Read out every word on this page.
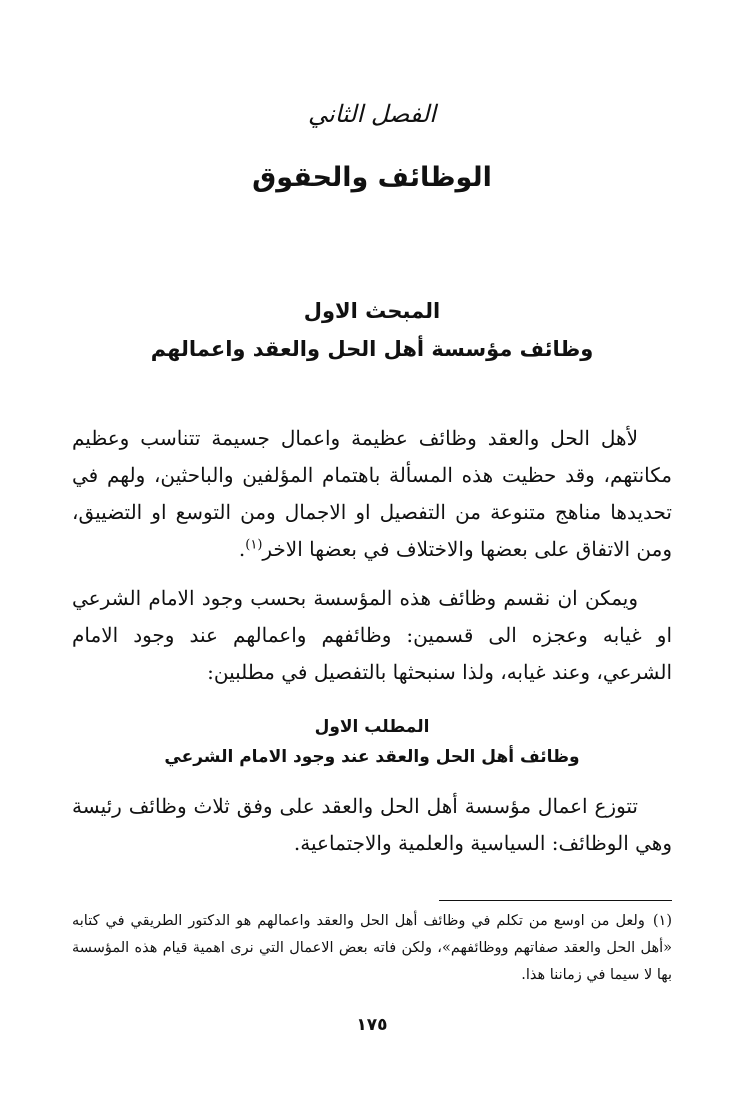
الفصل الثاني
الوظائف والحقوق
المبحث الاول
وظائف مؤسسة أهل الحل والعقد واعمالهم

لأهل الحل والعقد وظائف عظيمة واعمال جسيمة تتناسب وعظيم مكانتهم، وقد حظيت هذه المسألة باهتمام المؤلفين والباحثين، ولهم في تحديدها مناهج متنوعة من التفصيل او الاجمال ومن التوسع او التضييق، ومن الاتفاق على بعضها والاختلاف في بعضها الاخر$^{(١)}$.

ويمكن ان نقسم وظائف هذه المؤسسة بحسب وجود الامام الشرعي او غيابه وعجزه الى قسمين: وظائفهم واعمالهم عند وجود الامام الشرعي، وعند غيابه، ولذا سنبحثها بالتفصيل في مطلبين:

المطلب الاول
وظائف أهل الحل والعقد عند وجود الامام الشرعي

تتوزع اعمال مؤسسة أهل الحل والعقد على وفق ثلاث وظائف رئيسة وهي الوظائف: السياسية والعلمية والاجتماعية.

(١)ولعل من اوسع من تكلم في وظائف أهل الحل والعقد واعمالهم هو الدكتور الطريقي في كتابه «أهل الحل والعقد صفاتهم ووظائفهم»، ولكن فاته بعض الاعمال التي نرى اهمية قيام هذه المؤسسة بها لا سيما في زماننا هذا.
١٧٥
